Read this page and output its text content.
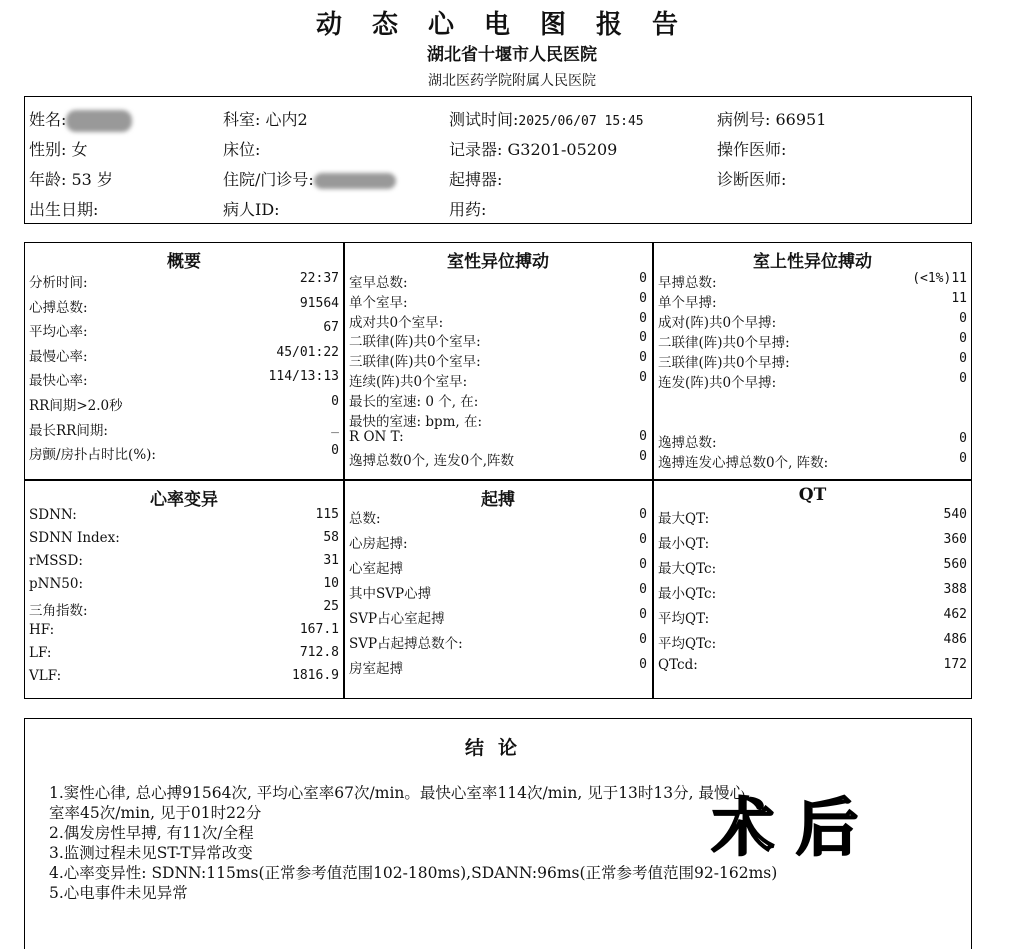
动态心电图报告
湖北省十堰市人民医院
湖北医药学院附属人民医院
姓名:
性别: 女
年龄: 53 岁
出生日期:
科室: 心内2
床位:
住院/门诊号:
病人ID:
测试时间:2025/06/07 15:45
记录器: G3201-05209
起搏器:
用药:
病例号: 66951
操作医师:
诊断医师:
概要
分析时间:	22:37
心搏总数:	91564
平均心率:	67
最慢心率:	45/01:22
最快心率:	114/13:13
RR间期>2.0秒	0
最长RR间期:	_
房颤/房扑占时比(%):	0
室性异位搏动
室早总数:	0
单个室早:	0
成对共0个室早:	0
二联律(阵)共0个室早:	0
三联律(阵)共0个室早:	0
连续(阵)共0个室早:	0
最长的室速: 0 个, 在:
最快的室速: bpm, 在:
R ON T:	0
逸搏总数0个, 连发0个,阵数	0
室上性异位搏动
早搏总数:	(<1%)11
单个早搏:	11
成对(阵)共0个早搏:	0
二联律(阵)共0个早搏:	0
三联律(阵)共0个早搏:	0
连发(阵)共0个早搏:	0
逸搏总数:	0
逸搏连发心搏总数0个, 阵数:	0
心率变异
SDNN:	115
SDNN Index:	58
rMSSD:	31
pNN50:	10
三角指数:	25
HF:	167.1
LF:	712.8
VLF:	1816.9
起搏
总数:	0
心房起搏:	0
心室起搏	0
其中SVP心搏	0
SVP占心室起搏	0
SVP占起搏总数个:	0
房室起搏	0
QT
最大QT:	540
最小QT:	360
最大QTc:	560
最小QTc:	388
平均QT:	462
平均QTc:	486
QTcd:	172
结论
1.窦性心律, 总心搏91564次, 平均心室率67次/min。最快心室率114次/min, 见于13时13分, 最慢心
室率45次/min, 见于01时22分
2.偶发房性早搏, 有11次/全程
3.监测过程未见ST-T异常改变
4.心率变异性: SDNN:115ms(正常参考值范围102-180ms),SDANN:96ms(正常参考值范围92-162ms)
5.心电事件未见异常
术后
